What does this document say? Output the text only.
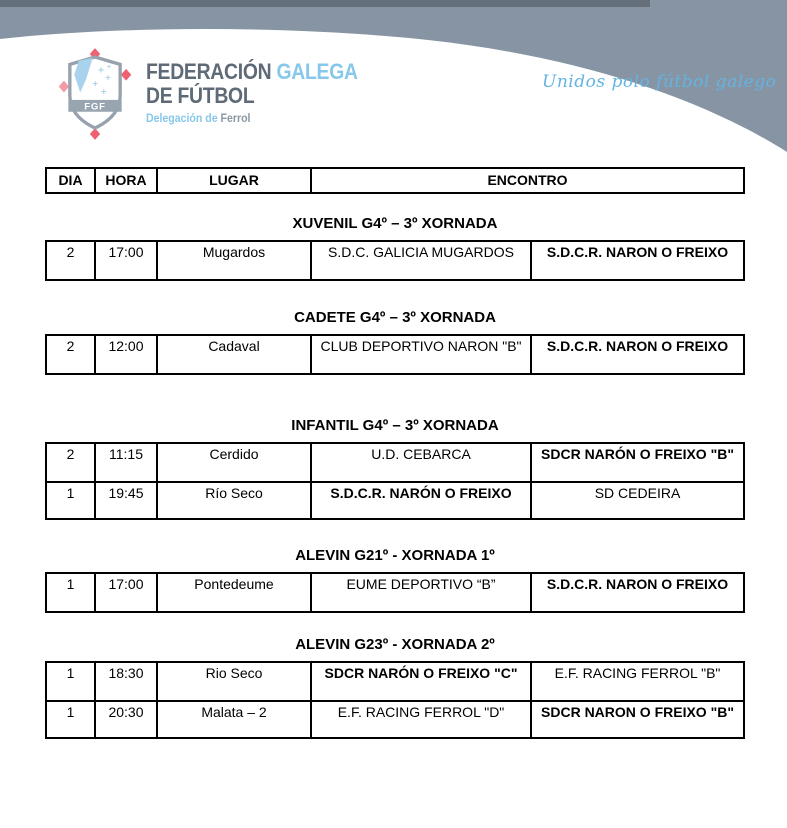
+
+
+
+
+
FGF
FEDERACIÓN GALEGA
DE FÚTBOL
Delegación de Ferrol
Unidos polo fútbol galego
DIA	HORA	LUGAR	ENCONTRO
XUVENIL G4º – 3º XORNADA
2	17:00	Mugardos	S.D.C. GALICIA MUGARDOS	S.D.C.R. NARON O FREIXO
CADETE G4º – 3º XORNADA
2	12:00	Cadaval	CLUB DEPORTIVO NARON "B"	S.D.C.R. NARON O FREIXO
INFANTIL G4º – 3º XORNADA
2	11:15	Cerdido	U.D. CEBARCA	SDCR NARÓN O FREIXO "B"
1	19:45	Río Seco	S.D.C.R. NARÓN O FREIXO	SD CEDEIRA
ALEVIN G21º - XORNADA 1º
1	17:00	Pontedeume	EUME DEPORTIVO “B”	S.D.C.R. NARON O FREIXO
ALEVIN G23º - XORNADA 2º
1	18:30	Rio Seco	SDCR NARÓN O FREIXO "C"	E.F. RACING FERROL "B"
1	20:30	Malata – 2	E.F. RACING FERROL "D"	SDCR NARON O FREIXO "B"
